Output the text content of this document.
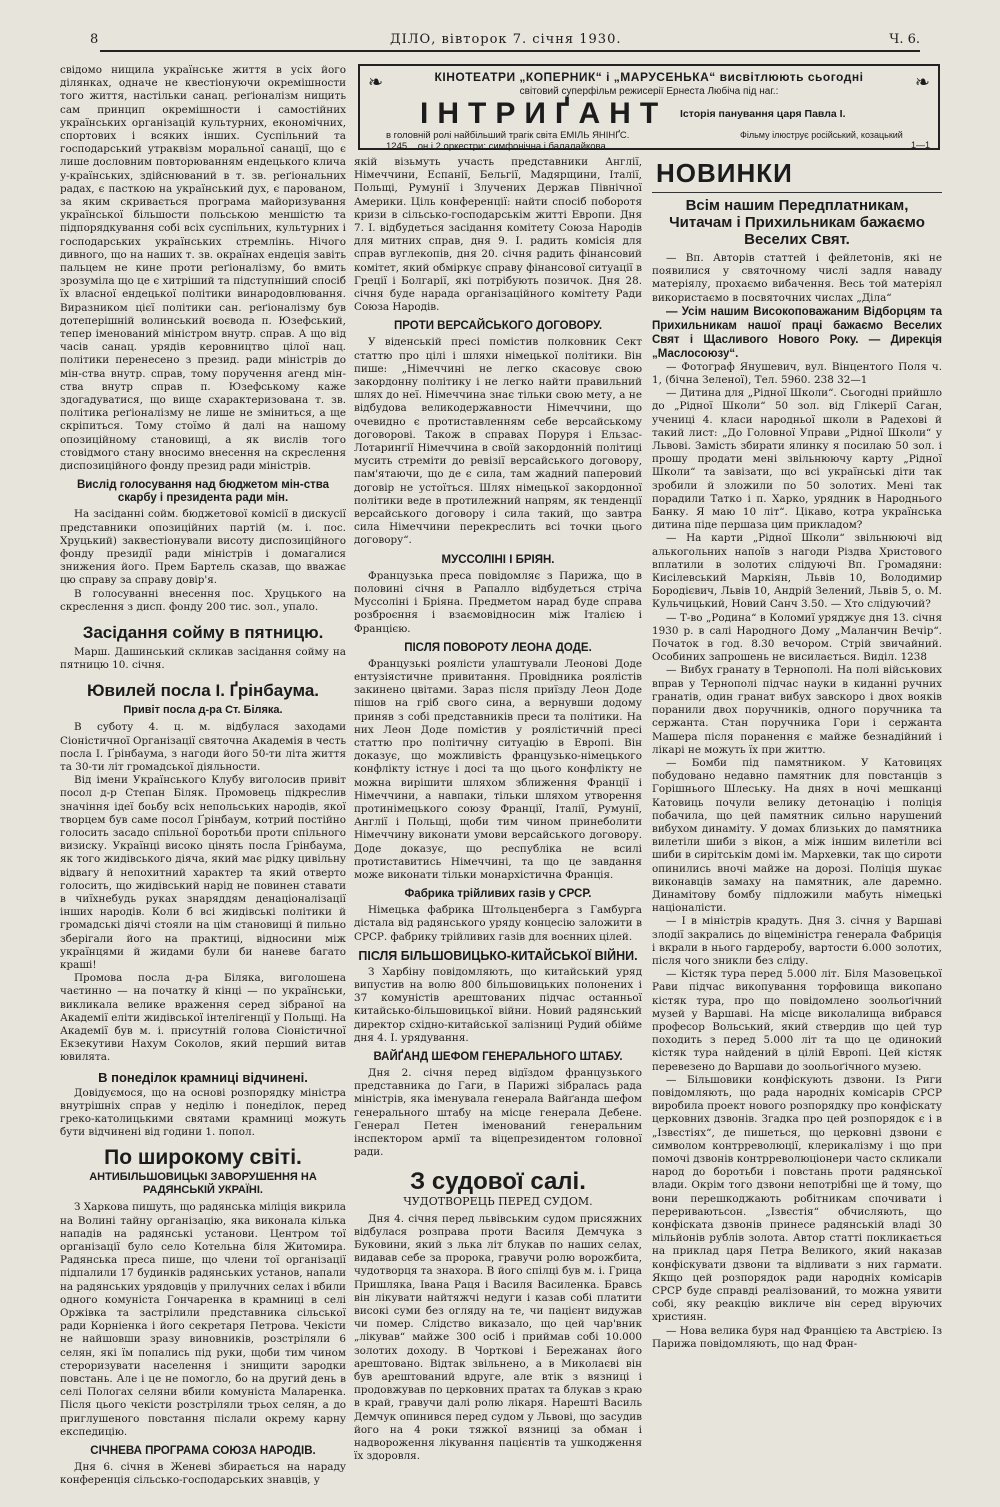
8	ДІЛО, вівторок 7. січня 1930.	Ч. 6.

свідомо нищила українське життя в усіх його ділянках, одначе не квестіонуючи окремішности того життя, настільки санац. реґіоналізм нищить сам принцип окремішности і самостійних українських організацій культурних, економічних, спортових і всяких інших. Суспільний та господарський утраквізм моральної санації, що є лише дословним повторюванням ендецького клича у-країнських, здійснюваний в т. зв. реґіональних радах, є пасткою на український дух, є парованом, за яким скривається програма майоризування української більшости польською меншістю та підпорядкування собі всіх суспільних, культурних і господарських українських стремлінь. Нічого дивного, що на наших т. зв. окраїнах ендеція завіть пальцем не кине проти реґіоналізму, бо вмить зрозуміла що це є хитріший та підступніший спосіб їх власної ендецької політики винародовлювання. Виразником цієї політики сан. реґіоналізму був дотеперішній волинський воєвода п. Юзефський, тепер іменований міністром внутр. справ. А що від часів санац. урядів керовництво цілої нац. політики перенесено з презид. ради міністрів до мін-ства внутр. справ, тому поручення агенд мін-ства внутр справ п. Юзефському каже здогадуватися, що вище схарактеризована т. зв. політика реґіоналізму не лише не зміниться, а ще скріпиться. Тому стоїмо й далі на нашому опозиційному становищі, а як вислів того стовідмого стану вносимо внесення на скреслення диспозиційного фонду презид ради міністрів.

Вислід голосування над бюджетом мін-ства скарбу і президента ради мін.

На засіданні сойм. бюджетової комісії в дискусії представники опозиційних партій (м. і. пос. Хруцький) заквестіонували висоту диспозиційного фонду президії ради міністрів і домагалися знижения його. Прем Бартель сказав, що вважає цю справу за справу довір'я.

В голосуванні внесення пос. Хруцького на скреслення з дисп. фонду 200 тис. зол., упало.

Засідання сойму в пятницю.

Марш. Дашинський скликав засідання сойму на пятницю 10. січня.

Ювилей посла І. Ґрінбаума.
Привіт посла д-ра Ст. Біляка.

В суботу 4. ц. м. відбулася заходами Сіоністичної Організації святочна Академія в честь посла І. Ґрінбаума, з нагоди його 50-ти літа життя та 30-ти літ громадської діяльности.

Від імени Українського Клубу виголосив привіт посол д-р Степан Біляк. Промовець підкреслив значіння ідеї боьбу всіх непольських народів, якої творцем був саме посол Ґрінбаум, котрий постійно голосить засадо спільної боротьби проти спільного визиску. Українці високо цінять посла Ґрінбаума, як того жидівського діяча, який має рідку цивільну відвагу й непохитний характер та який отверто голосить, що жидівський нарід не повинен ставати в чиїхнебудь руках знаряддям денаціоналізації інших народів. Коли б всі жидівські політики й громадські діячі стояли на цім становищі й пильно зберігали його на практиці, відносини між українцями й жидами були би наневе багато краші!

Промова посла д-ра Біляка, виголошена чаєтинно — на початку й кінці — по українськи, викликала велике враження серед зібраної на Академії еліти жидівської інтелігенції у Польщі. На Академії був м. і. присутній голова Сіоністичної Екзекутиви Нахум Соколов, який перший витав ювилята.

В понеділок крамниці відчинені.

Довідуємося, що на основі розпорядку міністра внутрішніх справ у неділю і понеділок, перед греко-католицькими святами крамниці можуть бути відчинені від години 1. попол.

По широкому світі.
АНТИБІЛЬШОВИЦЬКІ ЗАВОРУШЕННЯ НА РАДЯНСЬКІЙ УКРАЇНІ.

З Харкова пишуть, що радянська міліція викрила на Волині тайну організацію, яка виконала кілька нападів на радянські установи. Центром тої організації було село Котельна біля Житомира. Радянська преса пише, що члени тої організації підпалили 17 будинків радянських установ, напали на радянських урядовців у прилучних селах і вбили одного комуніста Гончаренка в крамниці в селі Оржівка та застрілили представника сільської ради Корніенка і його секретаря Петрова. Чекісти не найшовши зразу виновників, розстріляли 6 селян, які їм попались під руки, щоби тим чином стероризувати населення і знищити зародки повстань. Але і це не помогло, бо на другий день в селі Пологах селяни вбили комуніста Маларенка. Після цього чекісти розстріляли трьох селян, а до приглушеного повстання післали окрему карну експедицію.

СІЧНЕВА ПРОГРАМА СОЮЗА НАРОДІВ.

Дня 6. січня в Женеві збирається на нараду конференція сільсько-господарських знавців, у

❧	❧
КІНОТЕАТРИ „КОПЕРНИК“ і „МАРУСЕНЬКА“ висвітлюють сьогодні
світовий суперфільм режисерії Ернеста Любіча під наг.:
ІНТРИҐАНТ Історія панування царя Павла І.
в головній ролі найбільший трагік світа ЕМІЛЬ ЯНІНҐС.
1245 ...он і 2 оркестри: симфонічна і балалайкова.
Фільму ілюструє російський, козацький

1—1

якій візьмуть участь представники Англії, Німеччини, Еспанії, Бельгії, Мадярщини, Італії, Польщі, Румунії і Злучених Держав Північної Америки. Ціль конференції: найти спосіб поборотя кризи в сільсько-господарськім житті Европи. Дня 7. І. відбудеться засідання комітету Союза Народів для митних справ, дня 9. І. радить комісія для справ вуглекопів, дня 20. січня радить фінансовий комітет, який обміркує справу фінансової ситуації в Греції і Болгарії, які потрібують позичок. Дня 28. січня буде нарада організаційного комітету Ради Союза Народів.

ПРОТИ ВЕРСАЙСЬКОГО ДОГОВОРУ.

У віденській пресі помістив полковник Сект статтю про цілі і шляхи німецької політики. Він пише: „Німеччині не легко скасовує свою закордонну політику і не легко найти правильний шлях до неї. Німеччина знає тільки свою мету, а не відбудова великодержавности Німеччини, що очевидно є протиставленням себе версайському договорові. Також в справах Поруря і Ельзас-Лотарингії Німеччина в своїй закордонній політиці мусить стреміти до ревізії версайського договору, пам'ятаючи, що де є сила, там жадний паперовий договір не устоїться. Шлях німецької закордонної політики веде в протилежний напрям, як тенденції версайського договору і сила такий, що завтра сила Німеччини перекреслить всі точки цього договору“.

МУССОЛІНІ І БРІЯН.

Французька преса повідомляє з Парижа, що в половині січня в Рапалло відбудеться стріча Муссоліні і Бріяна. Предметом нарад буде справа розброєння і взаємовідносин між Італією і Францією.

ПІСЛЯ ПОВОРОТУ ЛЕОНА ДОДЕ.

Французькі роялісти улаштували Леонові Доде ентузіястичне привитання. Провідника роялістів закинено цвітами. Зараз після приїзду Леон Доде пішов на гріб свого сина, а вернувши додому приняв з собі представників преси та політики. На них Леон Доде помістив у роялістичній пресі статтю про політичну ситуацію в Европі. Він доказує, що можливість французько-німецького конфлікту істнує і досі та що цього конфлікту не можна вирішити шляхом зближення Франції і Німеччини, а навпаки, тільки шляхом утворення протинімецького союзу Франції, Італії, Румунії, Англії і Польщі, щоби тим чином принеболити Німеччину виконати умови версайського договору. Доде доказує, що республіка не всилі протиставитись Німеччині, та що це завдання може виконати тільки монархістична Франція.

Фабрика трійливих газів у СРСР.

Німецька фабрика Штольценберга з Гамбурга дістала від радянського уряду концесію заложити в СРСР. фабрику трійливих газів для воєнних цілей.

ПІСЛЯ БІЛЬШОВИЦЬКО-КИТАЙСЬКОЇ ВІЙНИ.

З Харбіну повідомляють, що китайський уряд випустив на волю 800 більшовицьких полонених і 37 комуністів арештованих підчас останньої китайсько-більшовицької війни. Новий радянський директор східно-китайської залізниці Рудий обійме дня 4. І. урядування.

ВАЙҐАНД ШЕФОМ ГЕНЕРАЛЬНОГО ШТАБУ.

Дня 2. січня перед відїздом французького представника до Гаги, в Парижі зібралась рада міністрів, яка іменувала генерала Вайґанда шефом генерального штабу на місце генерала Дебене. Генерал Петен іменований генеральним інспектором армії та віцепрезидентом головної ради.

З судової салі.
ЧУДОТВОРЕЦЬ ПЕРЕД СУДОМ.

Дня 4. січня перед львівським судом присяжних відбулася розправа проти Василя Демчука з Буковини, який з лька літ блукав по наших селах, видавав себе за пророка, гравучи ролю ворожбита, чудотворця та знахора. В його спілці був м. і. Грица Пришляка, Івана Раця і Василя Василенка. Бравсь він лікувати найтяжчі недуги і казав собі платити високі суми без огляду на те, чи пацієнт видужав чи помер. Слідство виказало, що цей чар'вник „лікував“ майже 300 осіб і приймав собі 10.000 золотих доходу. В Чорткові і Бережанах його арештовано. Відтак звільнено, а в Миколаєві він був арештований вдруге, але втік з вязниці і продовжував по церковних пратах та блукав з краю в край, гравучи далі ролю лікаря. Нарешті Василь Демчук опинився перед судом у Львові, що засудив його на 4 роки тяжкої вязниці за обман і надвороження лікування пацієнтів та ушкодження їх здоровля.

НОВИНКИ
Всім нашим Передплатникам, Читачам і Прихильникам бажаємо Веселих Свят.

— Вп. Авторів статтей і фейлетонів, які не появилися у святочному числі задля наваду матеріялу, прохаємо вибачення. Весь той матеріял використаємо в посвяточних числах „Діла“

— Усім нашим Високоповажаним Відборцям та Прихильникам нашої праці бажаємо Веселих Свят і Щасливого Нового Року. — Дирекція „Маслосоюзу“.

— Фотограф Янушевич, вул. Вінцентого Поля ч. 1, (бічна Зеленої), Тел. 5960. 238 32—1

— Дитина для „Рідної Школи“. Сьогодні прийшло до „Рідної Школи“ 50 зол. від Глікерії Саган, учениці 4. класи народньої школи в Радехові й такий лист: „До Головної Управи „Рідної Школи“ у Львові. Замість збирати ялинку я посилаю 50 зол. і прошу продати мені звільнюючу карту „Рідної Школи“ та завізати, що всі українські діти так зробили й зложили по 50 золотих. Мені так порадили Татко і п. Харко, урядник в Народнього Банку. Я маю 10 літ“. Цікаво, котра українська дитина піде першаза цим прикладом?

— На карти „Рідної Школи“ звільнюючі від алькогольних напоїв з нагоди Різдва Христового вплатили в золотих слідуючі Вп. Громадяни: Кисілевський Маркіян, Львів 10, Володимир Бородієвич, Львів 10, Андрій Зелений, Львів 5, о. М. Кульчицький, Новий Санч 3.50. — Хто слідуючий?

— Т-во „Родина“ в Коломиї уряджує дня 13. січня 1930 р. в салі Народного Дому „Маланчин Вечір“. Початок в год. 8.30 вечором. Стрій звичайний. Особиних запрошень не висилається. Виділ. 1238

— Вибух гранату в Тернополі. На полі військових вправ у Тернополі підчас науки в киданні ручних гранатів, один гранат вибух завскоро і двох вояків поранили двох поручників, одного поручника та сержанта. Стан поручника Гори і сержанта Машера після поранення є майже безнадійний і лікарі не можуть їх при життю.

— Бомби під памятником. У Катовицях побудовано недавно памятник для повстанців з Горішнього Шлеську. На днях в ночі мешканці Катовиць почули велику детонацію і поліція побачила, що цей памятник сильно нарушений вибухом динаміту. У домах близьких до памятника вилетіли шиби з вікон, а між іншим вилетіли всі шиби в сирітськім домі ім. Мархевки, так що сироти опинились вночі майже на дорозі. Поліція шукає виконавців замаху на памятник, але даремно. Динамітову бомбу підложили мабуть німецькі націоналісти.

— І в міністрів крадуть. Дня 3. січня у Варшаві злодії закрались до віцеміністра генерала Фабриція і вкрали в нього гардеробу, вартости 6.000 золотих, після чого зникли без сліду.

— Кістяк тура перед 5.000 літ. Біля Мазовецької Рави підчас викопування торфовища викопано кістяк тура, про що повідомлено зоольоґічний музей у Варшаві. На місце виколалища вибрався професор Вольський, який ствердив що цей тур походить з перед 5.000 літ та що це одинокий кістяк тура найдений в цілій Европі. Цей кістяк перевезено до Варшави до зоольоґічного музею.

— Більшовики конфіскують дзвони. Із Риги повідомляють, що рада народніх комісарів СРСР виробила проект нового розпорядку про конфіскату церковних дзвонів. Згадка про цей розпорядок є і в „Ізвєстіях“, де пишеться, що церковні дзвони є символом контрреволюції, клерикалізму і що при помочі дзвонів контрреволюціонери часто скликали народ до боротьби і повстань проти радянської влади. Окрім того дзвони непотрібні ще й тому, що вони перешкоджають робітникам спочивати і перериваютьсон. „Ізвєстія“ обчисляють, що конфіската дзвонів принесе радянській владі 30 мільйонів рублів золота. Автор статті покликається на приклад царя Петра Великого, який наказав конфіскувати дзвони та відливати з них гармати. Якщо цей розпорядок ради народніх комісарів СРСР буде справді реалізований, то можна уявити собі, яку реакцію викличе він серед віруючих християн.

— Нова велика буря над Францією та Австрією. Із Парижа повідомляють, що над Фран-
